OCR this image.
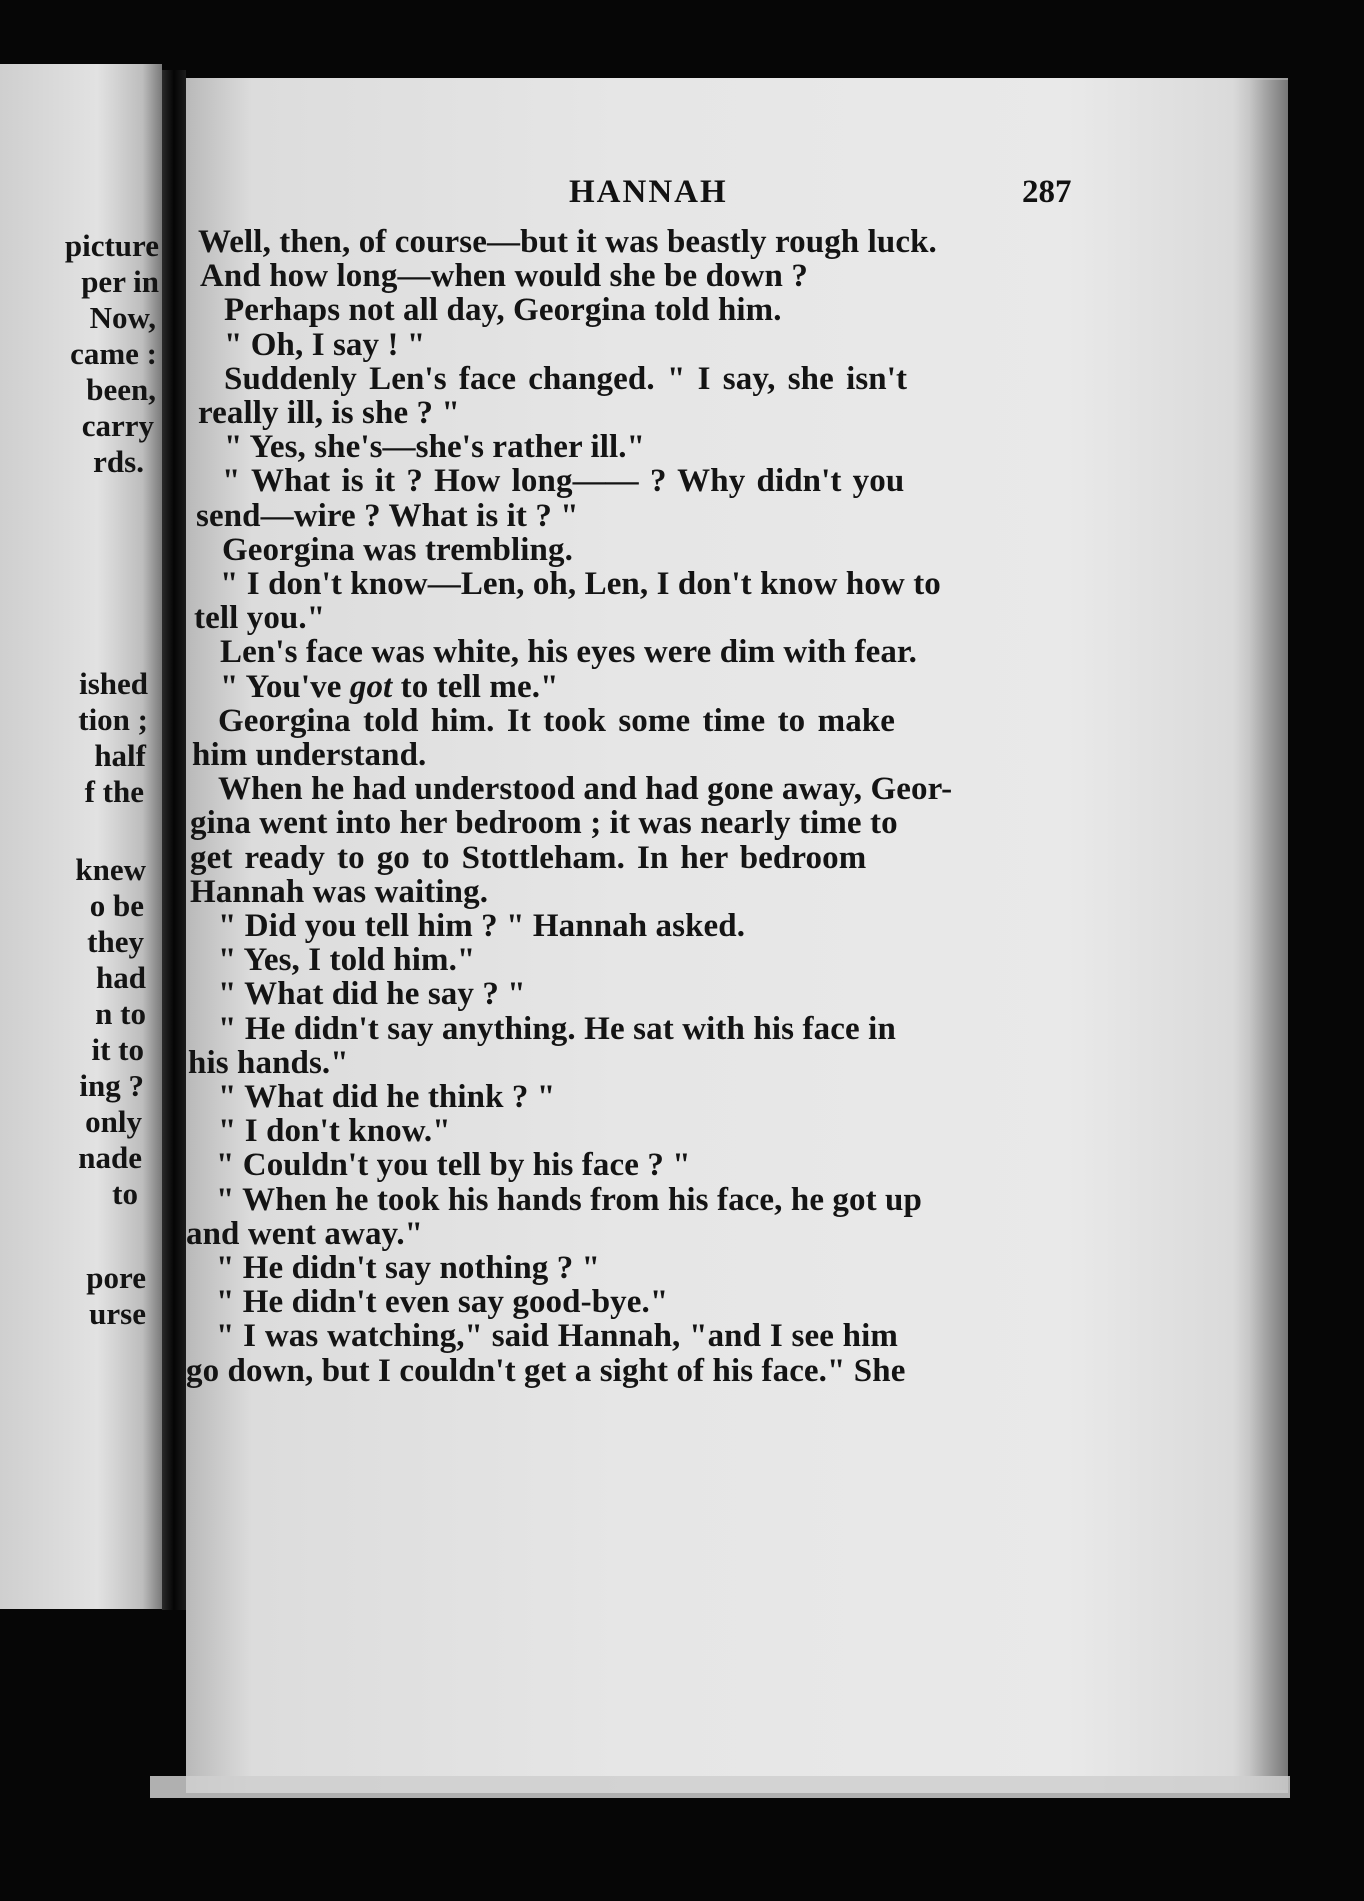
picture
per in
Now,
came :
been,
carry
rds.
ished
tion ;
half
f the
knew
o be
they
had
n to
it to
ing ?
only
nade
to
pore
urse
HANNAH	287
Well, then, of course—but it was beastly rough luck.
And how long—when would she be down ?
Perhaps not all day, Georgina told him.
" Oh, I say ! "
Suddenly Len's face changed. " I say, she isn't
really ill, is she ? "
" Yes, she's—she's rather ill."
" What is it ? How long—— ? Why didn't you
send—wire ? What is it ? "
Georgina was trembling.
" I don't know—Len, oh, Len, I don't know how to
tell you."
Len's face was white, his eyes were dim with fear.
" You've got to tell me."
Georgina told him. It took some time to make
him understand.
When he had understood and had gone away, Geor-
gina went into her bedroom ; it was nearly time to
get ready to go to Stottleham. In her bedroom
Hannah was waiting.
" Did you tell him ? " Hannah asked.
" Yes, I told him."
" What did he say ? "
" He didn't say anything. He sat with his face in
his hands."
" What did he think ? "
" I don't know."
" Couldn't you tell by his face ? "
" When he took his hands from his face, he got up
and went away."
" He didn't say nothing ? "
" He didn't even say good-bye."
" I was watching," said Hannah, "and I see him
go down, but I couldn't get a sight of his face." She
